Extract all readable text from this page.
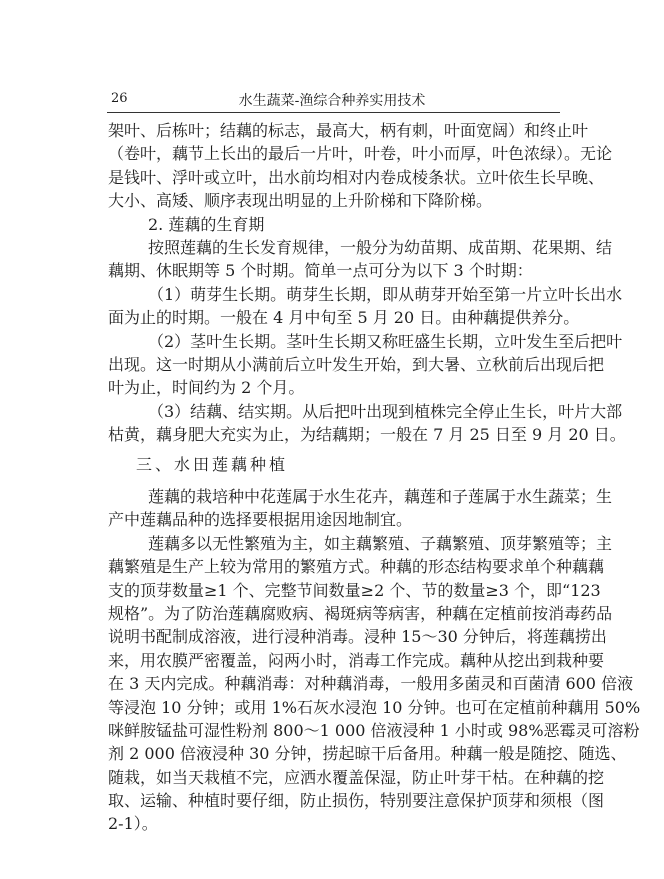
26	水生蔬菜-渔综合种养实用技术
架叶、后栋叶；结藕的标志，最高大，柄有刺，叶面宽阔）和终止叶
（卷叶，藕节上长出的最后一片叶，叶卷，叶小而厚，叶色浓绿）。无论
是钱叶、浮叶或立叶，出水前均相对内卷成棱条状。立叶依生长早晚、
大小、高矮、顺序表现出明显的上升阶梯和下降阶梯。
2. 莲藕的生育期
按照莲藕的生长发育规律，一般分为幼苗期、成苗期、花果期、结
藕期、休眠期等 5 个时期。简单一点可分为以下 3 个时期：
（1）萌芽生长期。萌芽生长期，即从萌芽开始至第一片立叶长出水
面为止的时期。一般在 4 月中旬至 5 月 20 日。由种藕提供养分。
（2）茎叶生长期。茎叶生长期又称旺盛生长期，立叶发生至后把叶
出现。这一时期从小满前后立叶发生开始，到大暑、立秋前后出现后把
叶为止，时间约为 2 个月。
（3）结藕、结实期。从后把叶出现到植株完全停止生长，叶片大部
枯黄，藕身肥大充实为止，为结藕期；一般在 7 月 25 日至 9 月 20 日。
三、水田莲藕种植
莲藕的栽培种中花莲属于水生花卉，藕莲和子莲属于水生蔬菜；生
产中莲藕品种的选择要根据用途因地制宜。
莲藕多以无性繁殖为主，如主藕繁殖、子藕繁殖、顶芽繁殖等；主
藕繁殖是生产上较为常用的繁殖方式。种藕的形态结构要求单个种藕藕
支的顶芽数量≥1 个、完整节间数量≥2 个、节的数量≥3 个，即“123
规格”。为了防治莲藕腐败病、褐斑病等病害，种藕在定植前按消毒药品
说明书配制成溶液，进行浸种消毒。浸种 15～30 分钟后，将莲藕捞出
来，用农膜严密覆盖，闷两小时，消毒工作完成。藕种从挖出到栽种要
在 3 天内完成。种藕消毒：对种藕消毒，一般用多菌灵和百菌清 600 倍液
等浸泡 10 分钟；或用 1%石灰水浸泡 10 分钟。也可在定植前种藕用 50%
咪鲜胺锰盐可湿性粉剂 800～1 000 倍液浸种 1 小时或 98%恶霉灵可溶粉
剂 2 000 倍液浸种 30 分钟，捞起晾干后备用。种藕一般是随挖、随选、
随栽，如当天栽植不完，应洒水覆盖保湿，防止叶芽干枯。在种藕的挖
取、运输、种植时要仔细，防止损伤，特别要注意保护顶芽和须根（图
2-1）。
